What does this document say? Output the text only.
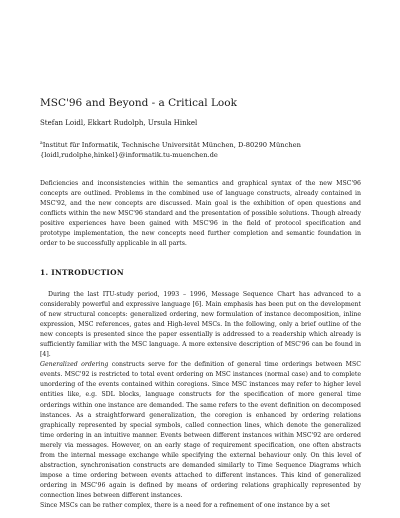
MSC'96 and Beyond - a Critical Look
Stefan Loidl, Ekkart Rudolph, Ursula Hinkel
$^a$Institut für Informatik, Technische Universität München, D-80290 München
{loidl,rudolphe,hinkel}@informatik.tu-muenchen.de
Deficiencies and inconsistencies within the semantics and graphical syntax of the new MSC'96 concepts are outlined. Problems in the combined use of language constructs, already contained in MSC'92, and the new concepts are discussed. Main goal is the exhibition of open questions and conflicts within the new MSC'96 standard and the presentation of possible solutions. Though already positive experiences have been gained with MSC'96 in the field of protocol specification and prototype implementation, the new concepts need further completion and semantic foundation in order to be successfully applicable in all parts.
1. INTRODUCTION

During the last ITU-study period, 1993 – 1996, Message Sequence Chart has advanced to a considerably powerful and expressive language [6]. Main emphasis has been put on the development of new structural concepts: generalized ordering, new formulation of instance decomposition, inline expression, MSC references, gates and High-level MSCs. In the following, only a brief outline of the new concepts is presented since the paper essentially is addressed to a readership which already is sufficiently familiar with the MSC language. A more extensive description of MSC'96 can be found in [4].

Generalized ordering constructs serve for the definition of general time orderings between MSC events. MSC'92 is restricted to total event ordering on MSC instances (normal case) and to complete unordering of the events contained within coregions. Since MSC instances may refer to higher level entities like, e.g. SDL blocks, language constructs for the specification of more general time orderings within one instance are demanded. The same refers to the event definition on decomposed instances. As a straightforward generalization, the coregion is enhanced by ordering relations graphically represented by special symbols, called connection lines, which denote the generalized time ordering in an intuitive manner. Events between different instances within MSC'92 are ordered merely via messages. However, on an early stage of requirement specification, one often abstracts from the internal message exchange while specifying the external behaviour only. On this level of abstraction, synchronisation constructs are demanded similarly to Time Sequence Diagrams which impose a time ordering between events attached to different instances. This kind of generalized ordering in MSC'96 again is defined by means of ordering relations graphically represented by connection lines between different instances.

Since MSCs can be rather complex, there is a need for a refinement of one instance by a set
